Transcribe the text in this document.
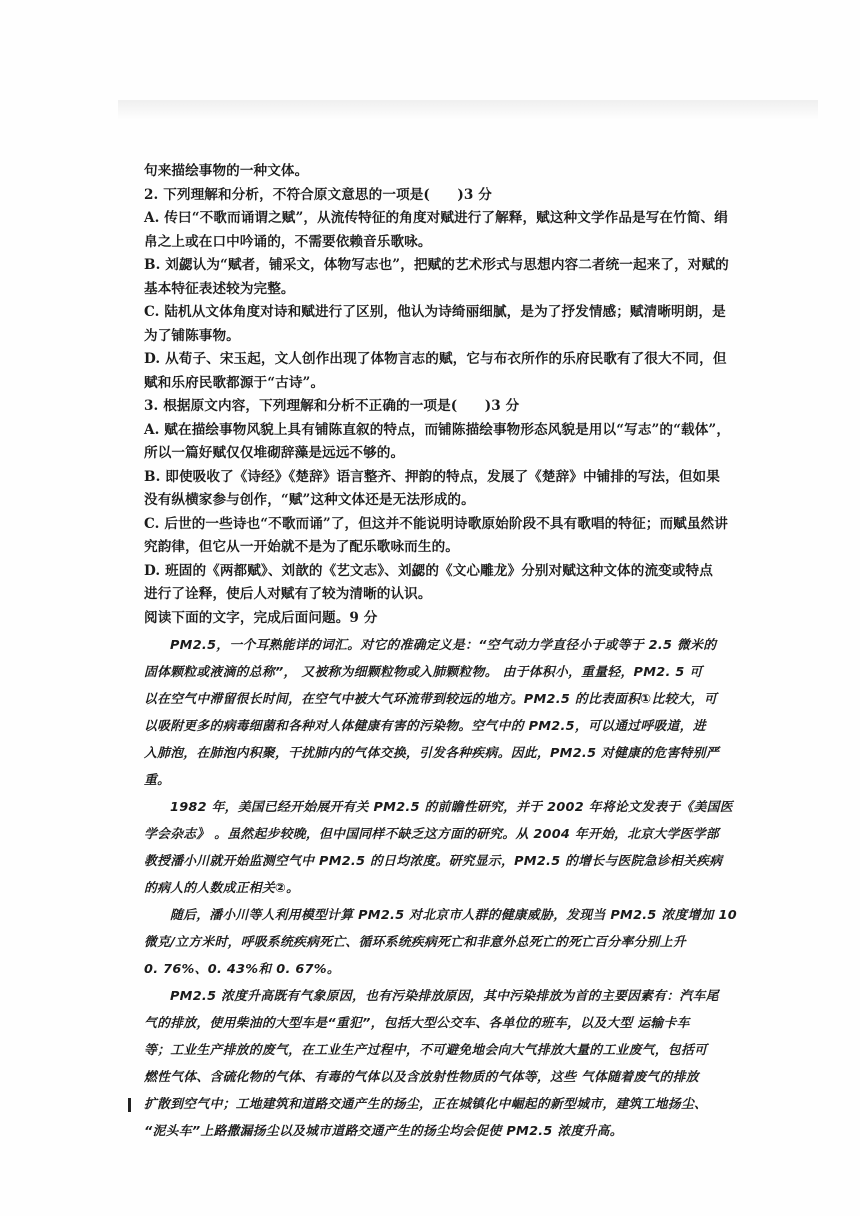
句来描绘事物的一种文体。
2. 下列理解和分析，不符合原文意思的一项是(　　)3 分
A. 传曰“不歌而诵谓之赋”，从流传特征的角度对赋进行了解释，赋这种文学作品是写在竹简、绢
帛之上或在口中吟诵的，不需要依赖音乐歌咏。
B. 刘勰认为“赋者，铺采文，体物写志也”，把赋的艺术形式与思想内容二者统一起来了，对赋的
基本特征表述较为完整。
C. 陆机从文体角度对诗和赋进行了区别，他认为诗绮丽细腻，是为了抒发情感；赋清晰明朗，是
为了铺陈事物。
D. 从荀子、宋玉起，文人创作出现了体物言志的赋，它与布衣所作的乐府民歌有了很大不同，但
赋和乐府民歌都源于“古诗”。
3. 根据原文内容，下列理解和分析不正确的一项是(　　)3 分
A. 赋在描绘事物风貌上具有铺陈直叙的特点，而铺陈描绘事物形态风貌是用以“写志”的“载体”，
所以一篇好赋仅仅堆砌辞藻是远远不够的。
B. 即使吸收了《诗经》《楚辞》语言整齐、押韵的特点，发展了《楚辞》中铺排的写法，但如果
没有纵横家参与创作，“赋”这种文体还是无法形成的。
C. 后世的一些诗也“不歌而诵”了，但这并不能说明诗歌原始阶段不具有歌唱的特征；而赋虽然讲
究韵律，但它从一开始就不是为了配乐歌咏而生的。
D. 班固的《两都赋》、刘歆的《艺文志》、刘勰的《文心雕龙》分别对赋这种文体的流变或特点
进行了诠释，使后人对赋有了较为清晰的认识。
阅读下面的文字，完成后面问题。9 分
PM2.5，一个耳熟能详的词汇。对它的准确定义是：“空气动力学直径小于或等于 2.5 微米的
固体颗粒或液滴的总称”， 又被称为细颗粒物或入肺颗粒物。 由于体积小，重量轻，PM2. 5 可
以在空气中滞留很长时间，在空气中被大气环流带到较远的地方。PM2.5 的比表面积①比较大，可
以吸附更多的病毒细菌和各种对人体健康有害的污染物。空气中的 PM2.5，可以通过呼吸道，进
入肺泡，在肺泡内积聚，干扰肺内的气体交换，引发各种疾病。因此，PM2.5 对健康的危害特别严
重。
1982 年，美国已经开始展开有关 PM2.5 的前瞻性研究，并于 2002 年将论文发表于《美国医
学会杂志》 。虽然起步较晚，但中国同样不缺乏这方面的研究。从 2004 年开始，北京大学医学部
教授潘小川就开始监测空气中 PM2.5 的日均浓度。研究显示，PM2.5 的增长与医院急诊相关疾病
的病人的人数成正相关②。
随后，潘小川等人利用模型计算 PM2.5 对北京市人群的健康威胁，发现当 PM2.5 浓度增加 10
微克/立方米时，呼吸系统疾病死亡、循环系统疾病死亡和非意外总死亡的死亡百分率分别上升
0. 76%、0. 43%和 0. 67%。
PM2.5 浓度升高既有气象原因，也有污染排放原因，其中污染排放为首的主要因素有：汽车尾
气的排放，使用柴油的大型车是“重犯”，包括大型公交车、各单位的班车，以及大型 运输卡车
等；工业生产排放的废气，在工业生产过程中，不可避免地会向大气排放大量的工业废气，包括可
燃性气体、含硫化物的气体、有毒的气体以及含放射性物质的气体等，这些 气体随着废气的排放
扩散到空气中；工地建筑和道路交通产生的扬尘，正在城镇化中崛起的新型城市，建筑工地扬尘、
“泥头车”上路撒漏扬尘以及城市道路交通产生的扬尘均会促使 PM2.5 浓度升高。
